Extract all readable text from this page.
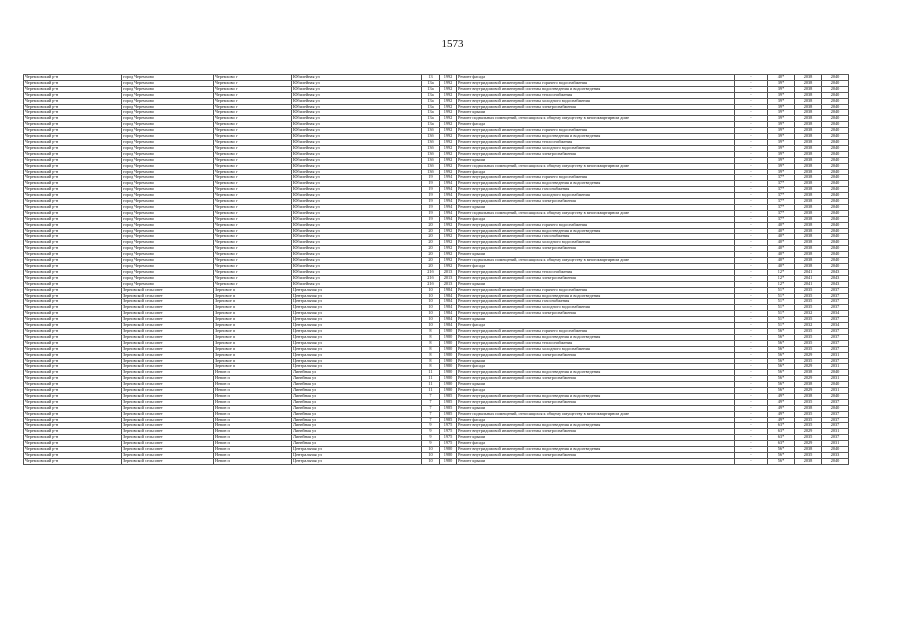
1573
Черемховский р-н	город Черемхово	Черемхово г	Юбилейная ул	13	1992	Ремонт фасада	-	40*	2038	2040
Черемховский р-н	город Черемхово	Черемхово г	Юбилейная ул	13а	1992	Ремонт внутридомовой инженерной системы горячего водоснабжения	-	39*	2038	2040
Черемховский р-н	город Черемхово	Черемхово г	Юбилейная ул	13а	1992	Ремонт внутридомовой инженерной системы водоотведения и водоотведения	-	39*	2038	2040
Черемховский р-н	город Черемхово	Черемхово г	Юбилейная ул	13а	1992	Ремонт внутридомовой инженерной системы теплоснабжения	-	39*	2038	2040
Черемховский р-н	город Черемхово	Черемхово г	Юбилейная ул	13а	1992	Ремонт внутридомовой инженерной системы холодного водоснабжения	-	39*	2038	2040
Черемховский р-н	город Черемхово	Черемхово г	Юбилейная ул	13а	1992	Ремонт внутридомовой инженерной системы электроснабжения	-	39*	2038	2040
Черемховский р-н	город Черемхово	Черемхово г	Юбилейная ул	13а	1992	Ремонт крыши	-	39*	2038	2040
Черемховский р-н	город Черемхово	Черемхово г	Юбилейная ул	13а	1992	Ремонт подвальных помещений, относящихся к общему имуществу в многоквартирном доме	-	39*	2038	2040
Черемховский р-н	город Черемхово	Черемхово г	Юбилейная ул	13а	1992	Ремонт фасада	-	39*	2038	2040
Черемховский р-н	город Черемхово	Черемхово г	Юбилейная ул	13б	1992	Ремонт внутридомовой инженерной системы горячего водоснабжения	-	39*	2038	2040
Черемховский р-н	город Черемхово	Черемхово г	Юбилейная ул	13б	1992	Ремонт внутридомовой инженерной системы водоотведения и водоотведения	-	39*	2038	2040
Черемховский р-н	город Черемхово	Черемхово г	Юбилейная ул	13б	1992	Ремонт внутридомовой инженерной системы теплоснабжения	-	39*	2038	2040
Черемховский р-н	город Черемхово	Черемхово г	Юбилейная ул	13б	1992	Ремонт внутридомовой инженерной системы холодного водоснабжения	-	39*	2038	2040
Черемховский р-н	город Черемхово	Черемхово г	Юбилейная ул	13б	1992	Ремонт внутридомовой инженерной системы электроснабжения	-	39*	2038	2040
Черемховский р-н	город Черемхово	Черемхово г	Юбилейная ул	13б	1992	Ремонт крыши	-	39*	2038	2040
Черемховский р-н	город Черемхово	Черемхово г	Юбилейная ул	13б	1992	Ремонт подвальных помещений, относящихся к общему имуществу в многоквартирном доме	-	39*	2038	2040
Черемховский р-н	город Черемхово	Черемхово г	Юбилейная ул	13б	1992	Ремонт фасада	-	39*	2038	2040
Черемховский р-н	город Черемхово	Черемхово г	Юбилейная ул	19	1994	Ремонт внутридомовой инженерной системы горячего водоснабжения	-	37*	2038	2040
Черемховский р-н	город Черемхово	Черемхово г	Юбилейная ул	19	1994	Ремонт внутридомовой инженерной системы водоотведения и водоотведения	-	37*	2038	2040
Черемховский р-н	город Черемхово	Черемхово г	Юбилейная ул	19	1994	Ремонт внутридомовой инженерной системы газоснабжения	-	37*	2038	2040
Черемховский р-н	город Черемхово	Черемхово г	Юбилейная ул	19	1994	Ремонт внутридомовой инженерной системы холодного водоснабжения	-	37*	2038	2040
Черемховский р-н	город Черемхово	Черемхово г	Юбилейная ул	19	1994	Ремонт внутридомовой инженерной системы электроснабжения	-	37*	2038	2040
Черемховский р-н	город Черемхово	Черемхово г	Юбилейная ул	19	1994	Ремонт крыши	-	37*	2038	2040
Черемховский р-н	город Черемхово	Черемхово г	Юбилейная ул	19	1994	Ремонт подвальных помещений, относящихся к общему имуществу в многоквартирном доме	-	37*	2038	2040
Черемховский р-н	город Черемхово	Черемхово г	Юбилейная ул	19	1994	Ремонт фасада	-	37*	2038	2040
Черемховский р-н	город Черемхово	Черемхово г	Юбилейная ул	20	1992	Ремонт внутридомовой инженерной системы горячего водоснабжения	-	40*	2038	2040
Черемховский р-н	город Черемхово	Черемхово г	Юбилейная ул	20	1992	Ремонт внутридомовой инженерной системы водоотведения и водоотведения	-	40*	2038	2040
Черемховский р-н	город Черемхово	Черемхово г	Юбилейная ул	20	1992	Ремонт внутридомовой инженерной системы газоснабжения	-	40*	2038	2040
Черемховский р-н	город Черемхово	Черемхово г	Юбилейная ул	20	1992	Ремонт внутридомовой инженерной системы холодного водоснабжения	-	40*	2038	2040
Черемховский р-н	город Черемхово	Черемхово г	Юбилейная ул	20	1992	Ремонт внутридомовой инженерной системы электроснабжения	-	40*	2038	2040
Черемховский р-н	город Черемхово	Черемхово г	Юбилейная ул	20	1992	Ремонт крыши	-	40*	2038	2040
Черемховский р-н	город Черемхово	Черемхово г	Юбилейная ул	20	1992	Ремонт подвальных помещений, относящихся к общему имуществу в многоквартирном доме	-	40*	2038	2040
Черемховский р-н	город Черемхово	Черемхово г	Юбилейная ул	20	1992	Ремонт фасада	-	40*	2038	2040
Черемховский р-н	город Черемхово	Черемхово г	Юбилейная ул	21б	2013	Ремонт внутридомовой инженерной системы теплоснабжения	-	12*	2041	2043
Черемховский р-н	город Черемхово	Черемхово г	Юбилейная ул	21б	2013	Ремонт внутридомовой инженерной системы электроснабжения	-	12*	2041	2043
Черемховский р-н	город Черемхово	Черемхово г	Юбилейная ул	21б	2013	Ремонт крыши	-	12*	2041	2043
Черемховский р-н	Зерновской сельсовет	Зерновое п	Центральная ул	10	1984	Ремонт внутридомовой инженерной системы горячего водоснабжения	-	51*	2035	2037
Черемховский р-н	Зерновской сельсовет	Зерновое п	Центральная ул	10	1984	Ремонт внутридомовой инженерной системы водоотведения и водоотведения	-	51*	2035	2037
Черемховский р-н	Зерновской сельсовет	Зерновое п	Центральная ул	10	1984	Ремонт внутридомовой инженерной системы газоснабжения	-	51*	2035	2037
Черемховский р-н	Зерновской сельсовет	Зерновое п	Центральная ул	10	1984	Ремонт внутридомовой инженерной системы холодного водоснабжения	-	51*	2035	2037
Черемховский р-н	Зерновской сельсовет	Зерновое п	Центральная ул	10	1984	Ремонт внутридомовой инженерной системы электроснабжения	-	51*	2032	2034
Черемховский р-н	Зерновской сельсовет	Зерновое п	Центральная ул	10	1984	Ремонт крыши	-	51*	2035	2037
Черемховский р-н	Зерновской сельсовет	Зерновое п	Центральная ул	10	1984	Ремонт фасада	-	51*	2032	2034
Черемховский р-н	Зерновской сельсовет	Зерновое п	Центральная ул	8	1980	Ремонт внутридомовой инженерной системы горячего водоснабжения	-	56*	2035	2037
Черемховский р-н	Зерновской сельсовет	Зерновое п	Центральная ул	8	1980	Ремонт внутридомовой инженерной системы водоотведения и водоотведения	-	56*	2035	2037
Черемховский р-н	Зерновской сельсовет	Зерновое п	Центральная ул	8	1980	Ремонт внутридомовой инженерной системы теплоснабжения	-	56*	2035	2037
Черемховский р-н	Зерновской сельсовет	Зерновое п	Центральная ул	8	1980	Ремонт внутридомовой инженерной системы холодного водоснабжения	-	56*	2035	2037
Черемховский р-н	Зерновской сельсовет	Зерновое п	Центральная ул	8	1980	Ремонт внутридомовой инженерной системы электроснабжения	-	56*	2029	2031
Черемховский р-н	Зерновской сельсовет	Зерновое п	Центральная ул	8	1980	Ремонт крыши	-	56*	2035	2037
Черемховский р-н	Зерновской сельсовет	Зерновое п	Центральная ул	8	1980	Ремонт фасада	-	56*	2029	2031
Черемховский р-н	Зерновской сельсовет	Невон п	Линейная ул	11	1980	Ремонт внутридомовой инженерной системы водоотведения и водоотведения	-	56*	2038	2040
Черемховский р-н	Зерновской сельсовет	Невон п	Линейная ул	11	1980	Ремонт внутридомовой инженерной системы электроснабжения	-	56*	2029	2031
Черемховский р-н	Зерновской сельсовет	Невон п	Линейная ул	11	1980	Ремонт крыши	-	56*	2038	2040
Черемховский р-н	Зерновской сельсовет	Невон п	Линейная ул	11	1980	Ремонт фасада	-	56*	2029	2031
Черемховский р-н	Зерновской сельсовет	Невон п	Линейная ул	7	1985	Ремонт внутридомовой инженерной системы водоотведения и водоотведения	-	49*	2038	2040
Черемховский р-н	Зерновской сельсовет	Невон п	Линейная ул	7	1985	Ремонт внутридомовой инженерной системы электроснабжения	-	49*	2035	2037
Черемховский р-н	Зерновской сельсовет	Невон п	Линейная ул	7	1985	Ремонт крыши	-	49*	2038	2040
Черемховский р-н	Зерновской сельсовет	Невон п	Линейная ул	7	1985	Ремонт подвальных помещений, относящихся к общему имуществу в многоквартирном доме	-	49*	2035	2037
Черемховский р-н	Зерновской сельсовет	Невон п	Линейная ул	7	1985	Ремонт фасада	-	49*	2035	2037
Черемховский р-н	Зерновской сельсовет	Невон п	Линейная ул	9	1975	Ремонт внутридомовой инженерной системы водоотведения и водоотведения	-	63*	2035	2037
Черемховский р-н	Зерновской сельсовет	Невон п	Линейная ул	9	1975	Ремонт внутридомовой инженерной системы электроснабжения	-	63*	2029	2031
Черемховский р-н	Зерновской сельсовет	Невон п	Линейная ул	9	1975	Ремонт крыши	-	63*	2035	2037
Черемховский р-н	Зерновской сельсовет	Невон п	Линейная ул	9	1975	Ремонт фасада	-	63*	2029	2031
Черемховский р-н	Зерновской сельсовет	Невон п	Центральная ул	10	1980	Ремонт внутридомовой инженерной системы водоотведения и водоотведения	-	56*	2038	2040
Черемховский р-н	Зерновской сельсовет	Невон п	Центральная ул	10	1980	Ремонт внутридомовой инженерной системы электроснабжения	-	56*	2035	2033
Черемховский р-н	Зерновской сельсовет	Невон п	Центральная ул	10	1980	Ремонт крыши	-	56*	2038	2040
